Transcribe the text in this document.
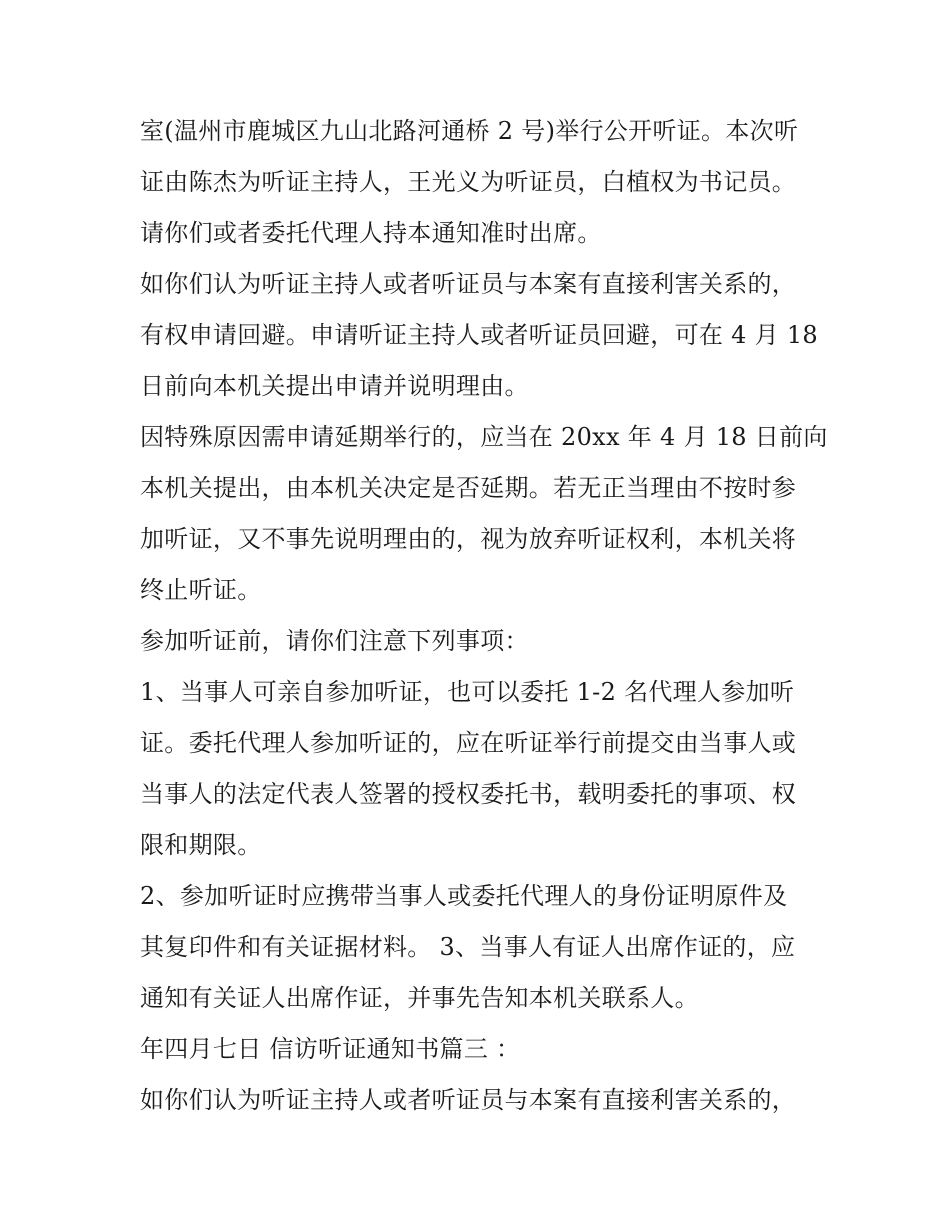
室(温州市鹿城区九山北路河通桥 2 号)举行公开听证。本次听
证由陈杰为听证主持人，王光义为听证员，白植权为书记员。
请你们或者委托代理人持本通知准时出席。
如你们认为听证主持人或者听证员与本案有直接利害关系的，
有权申请回避。申请听证主持人或者听证员回避，可在 4 月 18
日前向本机关提出申请并说明理由。
因特殊原因需申请延期举行的，应当在 20xx 年 4 月 18 日前向
本机关提出，由本机关决定是否延期。若无正当理由不按时参
加听证，又不事先说明理由的，视为放弃听证权利，本机关将
终止听证。
参加听证前，请你们注意下列事项：
1、当事人可亲自参加听证，也可以委托 1-2 名代理人参加听
证。委托代理人参加听证的，应在听证举行前提交由当事人或
当事人的法定代表人签署的授权委托书，载明委托的事项、权
限和期限。
2、参加听证时应携带当事人或委托代理人的身份证明原件及
其复印件和有关证据材料。 3、当事人有证人出席作证的，应
通知有关证人出席作证，并事先告知本机关联系人。
年四月七日 信访听证通知书篇三 ：
如你们认为听证主持人或者听证员与本案有直接利害关系的，
